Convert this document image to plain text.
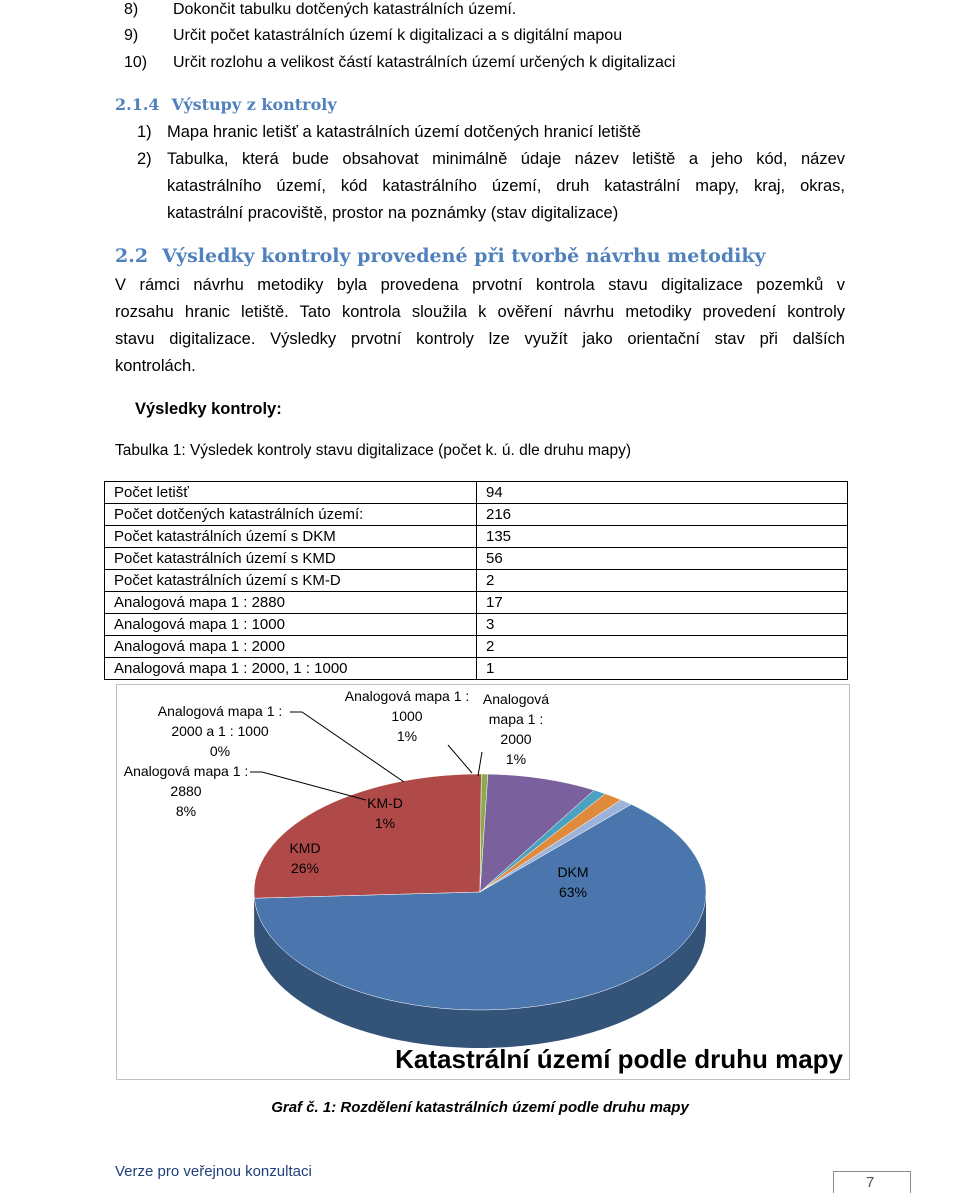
8) Dokončit tabulku dotčených katastrálních území.
9) Určit počet katastrálních území k digitalizaci a s digitální mapou
10) Určit rozlohu a velikost částí katastrálních území určených k digitalizaci
2.1.4 Výstupy z kontroly
1) Mapa hranic letišť a katastrálních území dotčených hranicí letiště
2) Tabulka, která bude obsahovat minimálně údaje název letiště a jeho kód, název
katastrálního území, kód katastrálního území, druh katastrální mapy, kraj, okras,
katastrální pracoviště, prostor na poznámky (stav digitalizace)
2.2 Výsledky kontroly provedené při tvorbě návrhu metodiky
V rámci návrhu metodiky byla provedena prvotní kontrola stavu digitalizace pozemků v
rozsahu hranic letiště. Tato kontrola sloužila k ověření návrhu metodiky provedení kontroly
stavu digitalizace. Výsledky prvotní kontroly lze využít jako orientační stav při dalších
kontrolách.
Výsledky kontroly:
Tabulka 1: Výsledek kontroly stavu digitalizace (počet k. ú. dle druhu mapy)
Počet letišť	94
Počet dotčených katastrálních území:	216
Počet katastrálních území s DKM	135
Počet katastrálních území s KMD	56
Počet katastrálních území s KM-D	2
Analogová mapa 1 : 2880	17
Analogová mapa 1 : 1000	3
Analogová mapa 1 : 2000	2
Analogová mapa 1 : 2000, 1 : 1000	1
DKM
63%
KMD
26%
KM-D
1%
Analogová mapa 1 :
2880
8%
Analogová mapa 1 :
2000 a 1 : 1000
0%
Analogová mapa 1 :
1000
1%
Analogová
mapa 1 :
2000
1%
Katastrální území podle druhu mapy
Graf č. 1: Rozdělení katastrálních území podle druhu mapy
Verze pro veřejnou konzultaci
7
